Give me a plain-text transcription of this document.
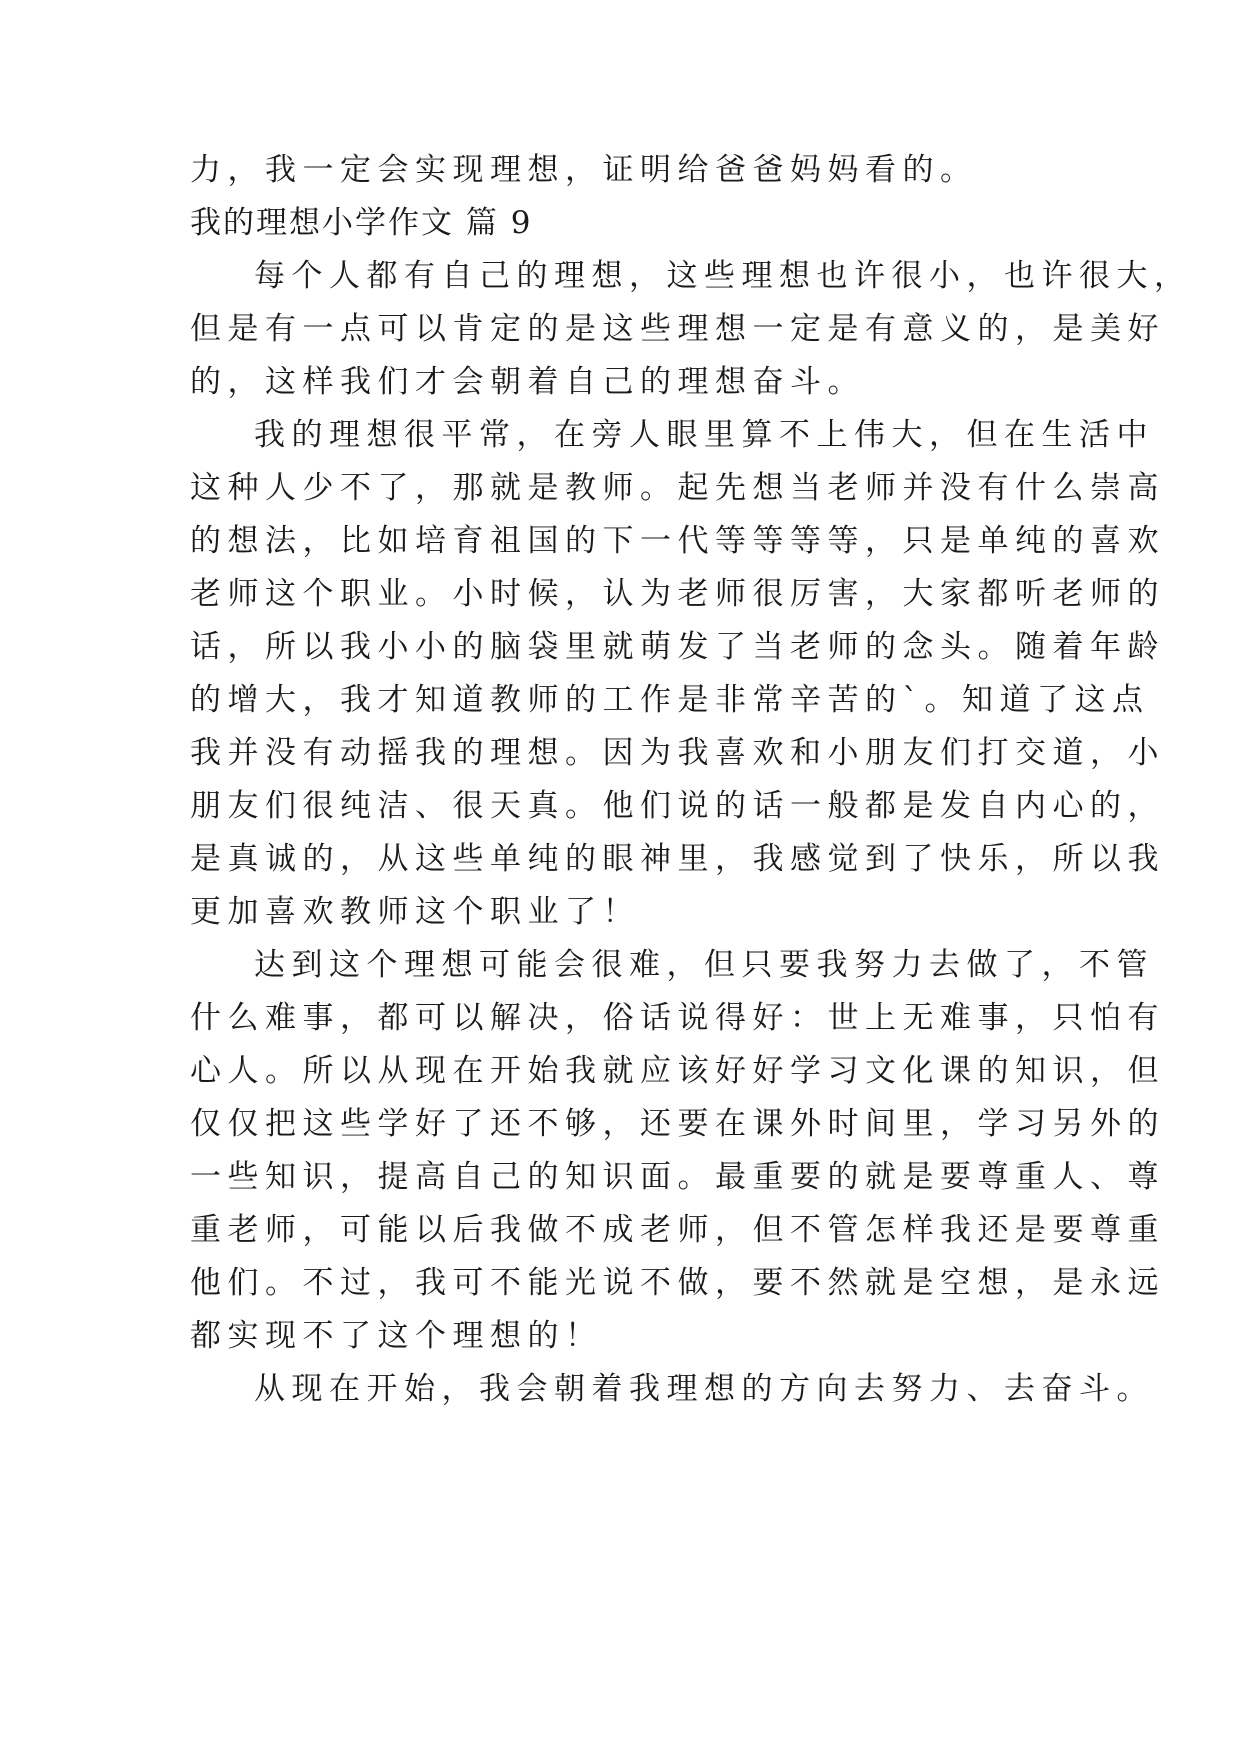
力，我一定会实现理想，证明给爸爸妈妈看的。
我的理想小学作文 篇 9
每个人都有自己的理想，这些理想也许很小，也许很大，
但是有一点可以肯定的是这些理想一定是有意义的，是美好
的，这样我们才会朝着自己的理想奋斗。
我的理想很平常，在旁人眼里算不上伟大，但在生活中
这种人少不了，那就是教师。起先想当老师并没有什么崇高
的想法，比如培育祖国的下一代等等等等，只是单纯的喜欢
老师这个职业。小时候，认为老师很厉害，大家都听老师的
话，所以我小小的脑袋里就萌发了当老师的念头。随着年龄
的增大，我才知道教师的工作是非常辛苦的`。知道了这点
我并没有动摇我的理想。因为我喜欢和小朋友们打交道，小
朋友们很纯洁、很天真。他们说的话一般都是发自内心的，
是真诚的，从这些单纯的眼神里，我感觉到了快乐，所以我
更加喜欢教师这个职业了！
达到这个理想可能会很难，但只要我努力去做了，不管
什么难事，都可以解决，俗话说得好：世上无难事，只怕有
心人。所以从现在开始我就应该好好学习文化课的知识，但
仅仅把这些学好了还不够，还要在课外时间里，学习另外的
一些知识，提高自己的知识面。最重要的就是要尊重人、尊
重老师，可能以后我做不成老师，但不管怎样我还是要尊重
他们。不过，我可不能光说不做，要不然就是空想，是永远
都实现不了这个理想的！
从现在开始，我会朝着我理想的方向去努力、去奋斗。
